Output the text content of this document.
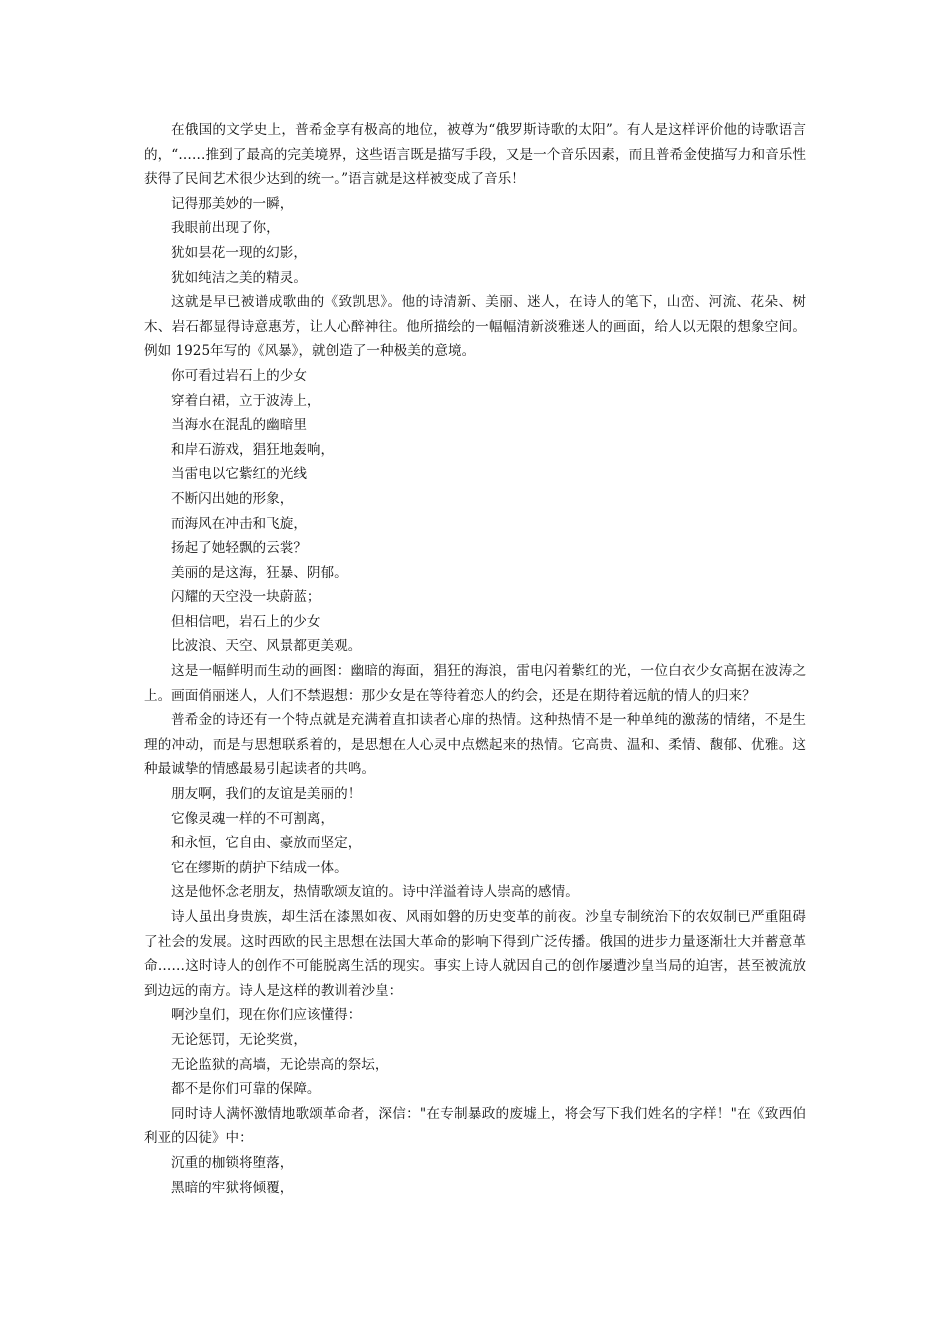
在俄国的文学史上，普希金享有极高的地位，被尊为“俄罗斯诗歌的太阳”。有人是这样评价他的诗歌语言的，“……推到了最高的完美境界，这些语言既是描写手段，又是一个音乐因素，而且普希金使描写力和音乐性获得了民间艺术很少达到的统一。”语言就是这样被变成了音乐！

记得那美妙的一瞬，

我眼前出现了你，

犹如昙花一现的幻影，

犹如纯洁之美的精灵。

这就是早已被谱成歌曲的《致凯思》。他的诗清新、美丽、迷人，在诗人的笔下，山峦、河流、花朵、树木、岩石都显得诗意惠芳，让人心醉神往。他所描绘的一幅幅清新淡雅迷人的画面，给人以无限的想象空间。例如 1925年写的《风暴》，就创造了一种极美的意境。

你可看过岩石上的少女

穿着白裙，立于波涛上，

当海水在混乱的幽暗里

和岸石游戏，猖狂地轰响，

当雷电以它紫红的光线

不断闪出她的形象，

而海风在冲击和飞旋，

扬起了她轻飘的云裳？

美丽的是这海，狂暴、阴郁。

闪耀的天空没一块蔚蓝；

但相信吧，岩石上的少女

比波浪、天空、风景都更美观。

这是一幅鲜明而生动的画图：幽暗的海面，猖狂的海浪，雷电闪着紫红的光，一位白衣少女高据在波涛之上。画面俏丽迷人，人们不禁遐想：那少女是在等待着恋人的约会，还是在期待着远航的情人的归来？

普希金的诗还有一个特点就是充满着直扣读者心扉的热情。这种热情不是一种单纯的激荡的情绪，不是生理的冲动，而是与思想联系着的，是思想在人心灵中点燃起来的热情。它高贵、温和、柔情、馥郁、优雅。这种最诚挚的情感最易引起读者的共鸣。

朋友啊，我们的友谊是美丽的！

它像灵魂一样的不可割离，

和永恒，它自由、豪放而坚定，

它在缪斯的荫护下结成一体。

这是他怀念老朋友，热情歌颂友谊的。诗中洋溢着诗人崇高的感情。

诗人虽出身贵族，却生活在漆黑如夜、风雨如磐的历史变革的前夜。沙皇专制统治下的农奴制已严重阻碍了社会的发展。这时西欧的民主思想在法国大革命的影响下得到广泛传播。俄国的进步力量逐渐壮大并蓄意革命……这时诗人的创作不可能脱离生活的现实。事实上诗人就因自己的创作屡遭沙皇当局的迫害，甚至被流放到边远的南方。诗人是这样的教训着沙皇：

啊沙皇们，现在你们应该懂得：

无论惩罚，无论奖赏，

无论监狱的高墙，无论崇高的祭坛，

都不是你们可靠的保障。

同时诗人满怀激情地歌颂革命者，深信："在专制暴政的废墟上，将会写下我们姓名的字样！"在《致西伯利亚的囚徒》中：

沉重的枷锁将堕落，

黑暗的牢狱将倾覆，
